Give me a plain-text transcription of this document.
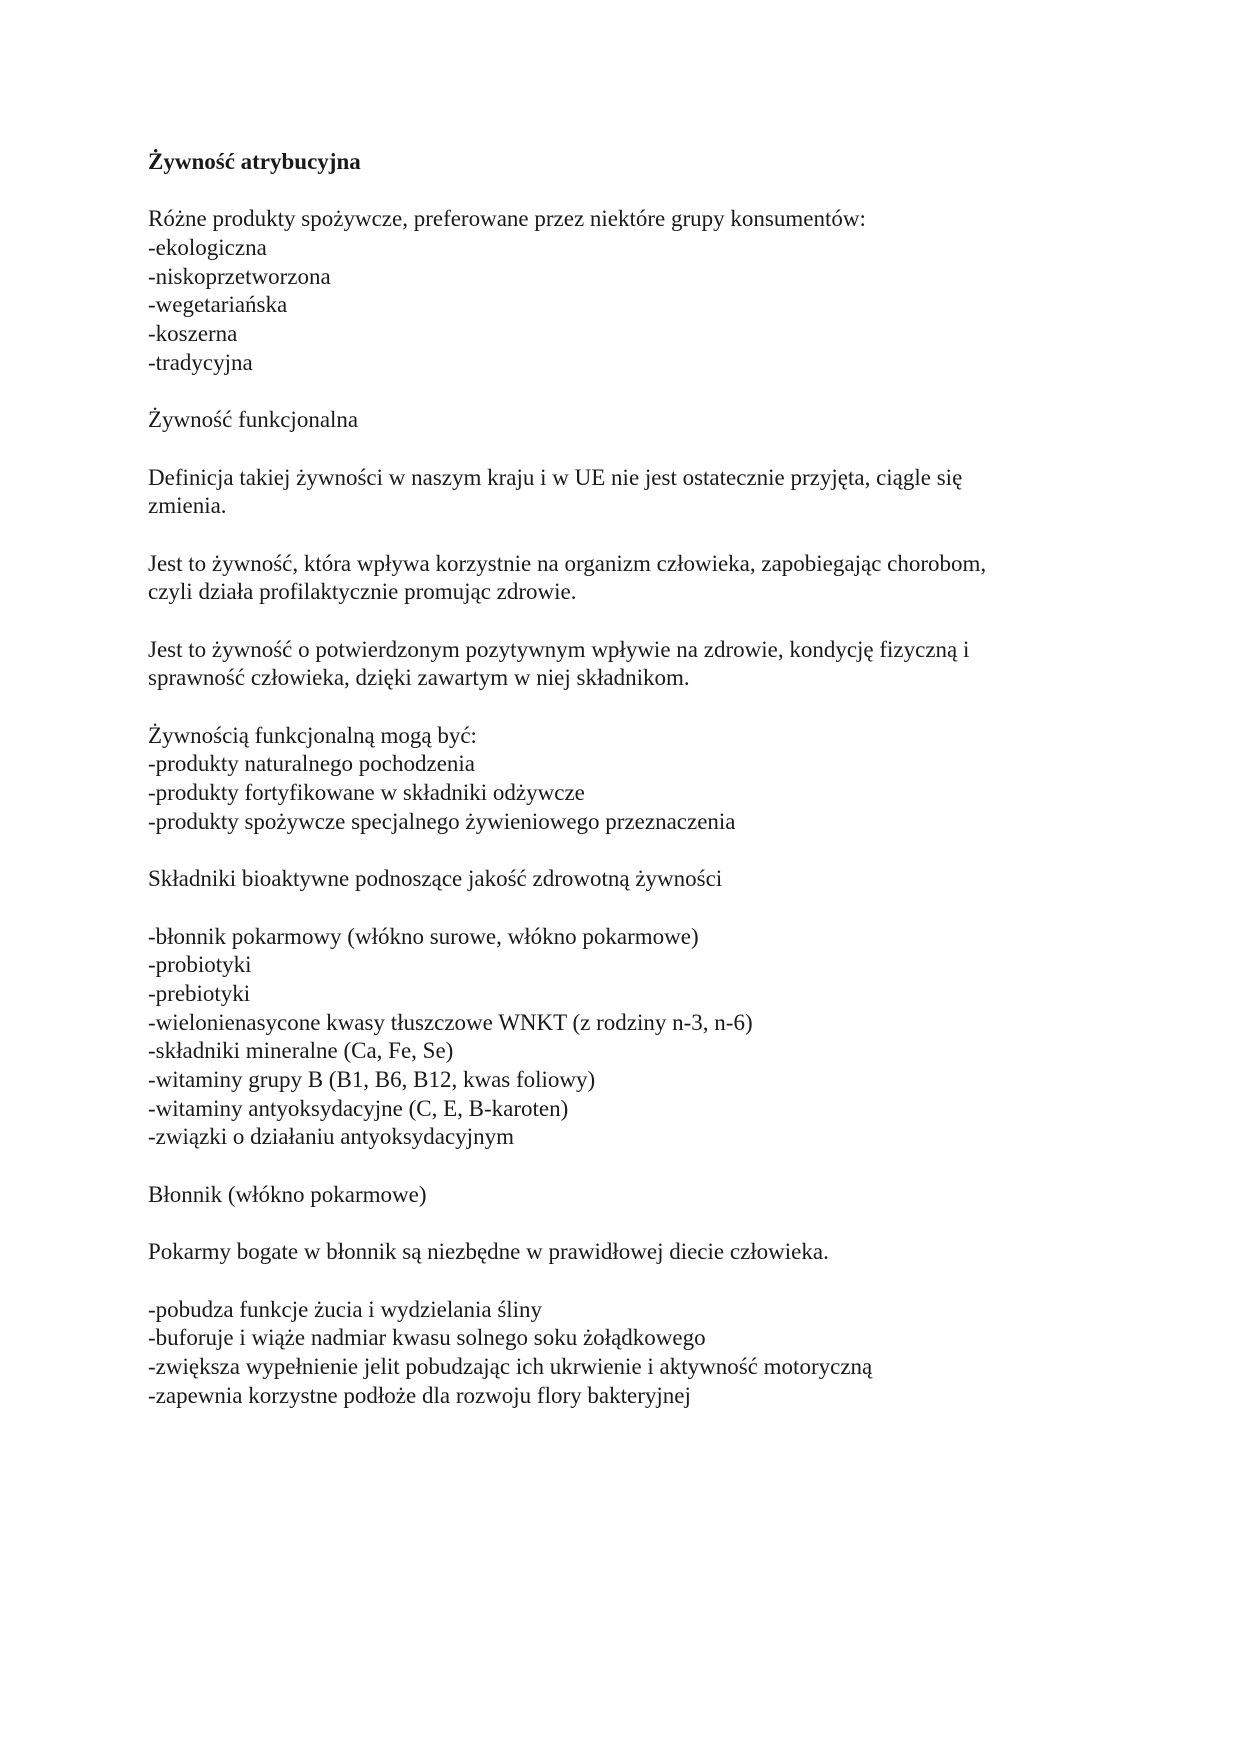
Żywność atrybucyjna
Różne produkty spożywcze, preferowane przez niektóre grupy konsumentów:
-ekologiczna
-niskoprzetworzona
-wegetariańska
-koszerna
-tradycyjna
Żywność funkcjonalna
Definicja takiej żywności w naszym kraju i w UE nie jest ostatecznie przyjęta, ciągle się
zmienia.
Jest to żywność, która wpływa korzystnie na organizm człowieka, zapobiegając chorobom,
czyli działa profilaktycznie promując zdrowie.
Jest to żywność o potwierdzonym pozytywnym wpływie na zdrowie, kondycję fizyczną i
sprawność człowieka, dzięki zawartym w niej składnikom.
Żywnością funkcjonalną mogą być:
-produkty naturalnego pochodzenia
-produkty fortyfikowane w składniki odżywcze
-produkty spożywcze specjalnego żywieniowego przeznaczenia
Składniki bioaktywne podnoszące jakość zdrowotną żywności
-błonnik pokarmowy (włókno surowe, włókno pokarmowe)
-probiotyki
-prebiotyki
-wielonienasycone kwasy tłuszczowe WNKT (z rodziny n-3, n-6)
-składniki mineralne (Ca, Fe, Se)
-witaminy grupy B (B1, B6, B12, kwas foliowy)
-witaminy antyoksydacyjne (C, E, B-karoten)
-związki o działaniu antyoksydacyjnym
Błonnik (włókno pokarmowe)
Pokarmy bogate w błonnik są niezbędne w prawidłowej diecie człowieka.
-pobudza funkcje żucia i wydzielania śliny
-buforuje i wiąże nadmiar kwasu solnego soku żołądkowego
-zwiększa wypełnienie jelit pobudzając ich ukrwienie i aktywność motoryczną
-zapewnia korzystne podłoże dla rozwoju flory bakteryjnej
